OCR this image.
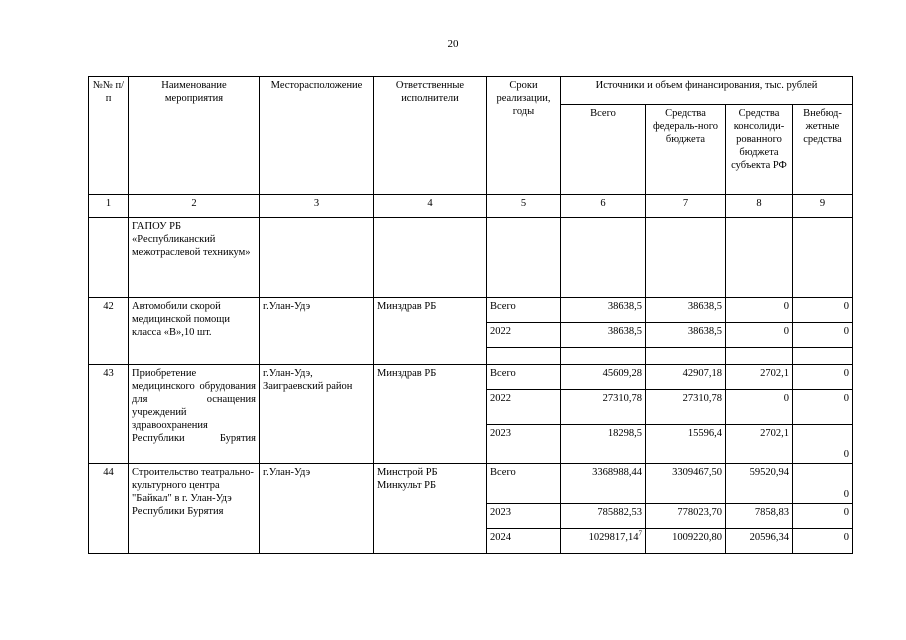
20
№№ п/п	Наименование мероприятия	Месторасположение	Ответственные исполнители	Сроки реализации, годы	Источники и объем финансирования, тыс. рублей			
					Всего	Средства федераль-ного бюджета	Средства консолиди-рованного бюджета субъекта РФ	Внебюд-жетные средства
1	2	3	4	5	6	7	8	9
	ГАПОУ РБ «Республиканский межотраслевой техникум»							
42	Автомобили скорой медицинской помощи класса «В»,10 шт.	г.Улан-Удэ	Минздрав РБ	Всего	38638,5	38638,5	0	0
				2022	38638,5	38638,5	0	0

43	Приобретение медицинского обрудования для оснащения учреждений здравоохранения Республики Бурятия	г.Улан-Удэ, Заиграевский район	Минздрав РБ	Всего	45609,28	42907,18	2702,1	0
				2022	27310,78	27310,78	0	0
				2023	18298,5	15596,4	2702,1	0
44	Строительство театрально-культурного центра "Байкал" в г. Улан-Удэ Республики Бурятия	г.Улан-Удэ	Минстрой РБ Минкульт РБ	Всего	3368988,44	3309467,50	59520,94	0
				2023	785882,53	778023,70	7858,83	0
				2024	1029817,14$^7$	1009220,80	20596,34	0
